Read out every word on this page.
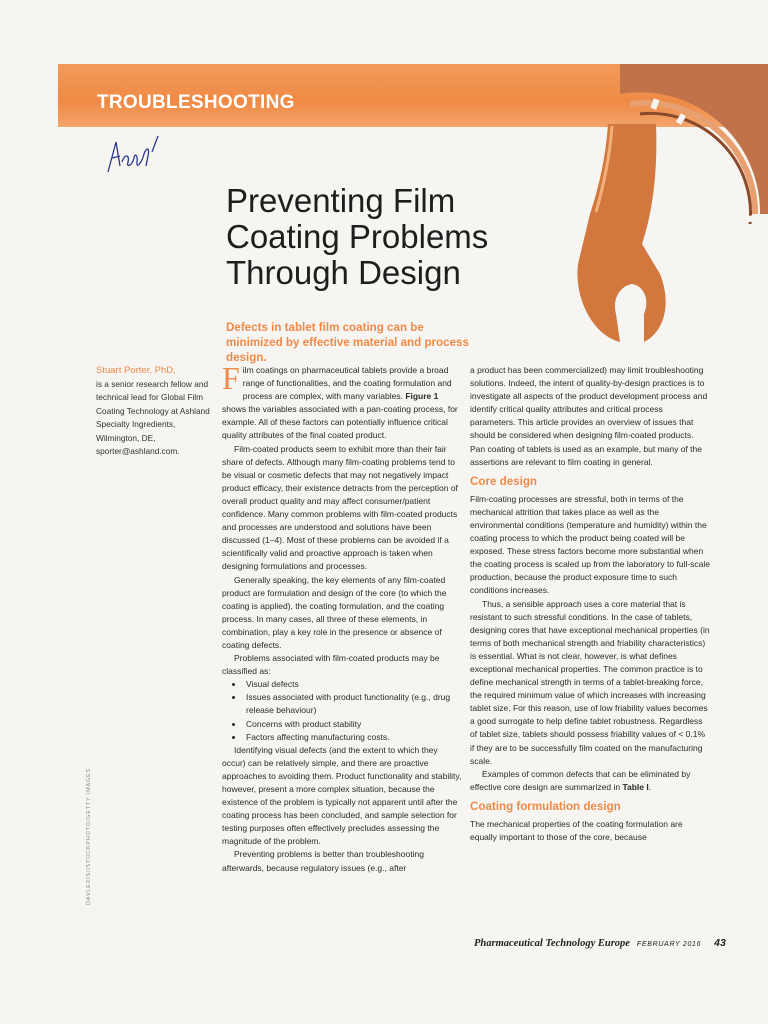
TROUBLESHOOTING
Preventing Film
Coating Problems
Through Design
Defects in tablet film coating can be minimized by effective material and process design.
Stuart Porter, PhD,
is a senior research fellow and technical lead for Global Film Coating Technology at Ashland Specialty Ingredients, Wilmington, DE, sporter@ashland.com.

Film coatings on pharmaceutical tablets provide a broad range of functionalities, and the coating formulation and process are complex, with many variables. Figure 1 shows the variables associated with a pan-coating process, for example. All of these factors can potentially influence critical quality attributes of the final coated product.

Film-coated products seem to exhibit more than their fair share of defects. Although many film-coating problems tend to be visual or cosmetic defects that may not negatively impact product efficacy, their existence detracts from the perception of overall product quality and may affect consumer/patient confidence. Many common problems with film-coated products and processes are understood and solutions have been discussed (1–4). Most of these problems can be avoided if a scientifically valid and proactive approach is taken when designing formulations and processes.

Generally speaking, the key elements of any film-coated product are formulation and design of the core (to which the coating is applied), the coating formulation, and the coating process. In many cases, all three of these elements, in combination, play a key role in the presence or absence of coating defects.

Problems associated with film-coated products may be classified as:

• Visual defects
• Issues associated with product functionality (e.g., drug release behaviour)
• Concerns with product stability
• Factors affecting manufacturing costs.

Identifying visual defects (and the extent to which they occur) can be relatively simple, and there are proactive approaches to avoiding them. Product functionality and stability, however, present a more complex situation, because the existence of the problem is typically not apparent until after the coating process has been concluded, and sample selection for testing purposes often effectively precludes assessing the magnitude of the problem.

Preventing problems is better than troubleshooting afterwards, because regulatory issues (e.g., after

a product has been commercialized) may limit troubleshooting solutions. Indeed, the intent of quality-by-design practices is to investigate all aspects of the product development process and identify critical quality attributes and critical process parameters. This article provides an overview of issues that should be considered when designing film-coated products. Pan coating of tablets is used as an example, but many of the assertions are relevant to film coating in general.

Core design

Film-coating processes are stressful, both in terms of the mechanical attrition that takes place as well as the environmental conditions (temperature and humidity) within the coating process to which the product being coated will be exposed. These stress factors become more substantial when the coating process is scaled up from the laboratory to full-scale production, because the product exposure time to such conditions increases.

Thus, a sensible approach uses a core material that is resistant to such stressful conditions. In the case of tablets, designing cores that have exceptional mechanical properties (in terms of both mechanical strength and friability characteristics) is essential. What is not clear, however, is what defines exceptional mechanical properties. The common practice is to define mechanical strength in terms of a tablet-breaking force, the required minimum value of which increases with increasing tablet size. For this reason, use of low friability values becomes a good surrogate to help define tablet robustness. Regardless of tablet size, tablets should possess friability values of < 0.1% if they are to be successfully film coated on the manufacturing scale.

Examples of common defects that can be eliminated by effective core design are summarized in Table I.

Coating formulation design

The mechanical properties of the coating formulation are equally important to those of the core, because

DAVLEXIS/ISTOCKPHOTO/GETTY IMAGES
Pharmaceutical Technology Europe FEBRUARY 2016 43
